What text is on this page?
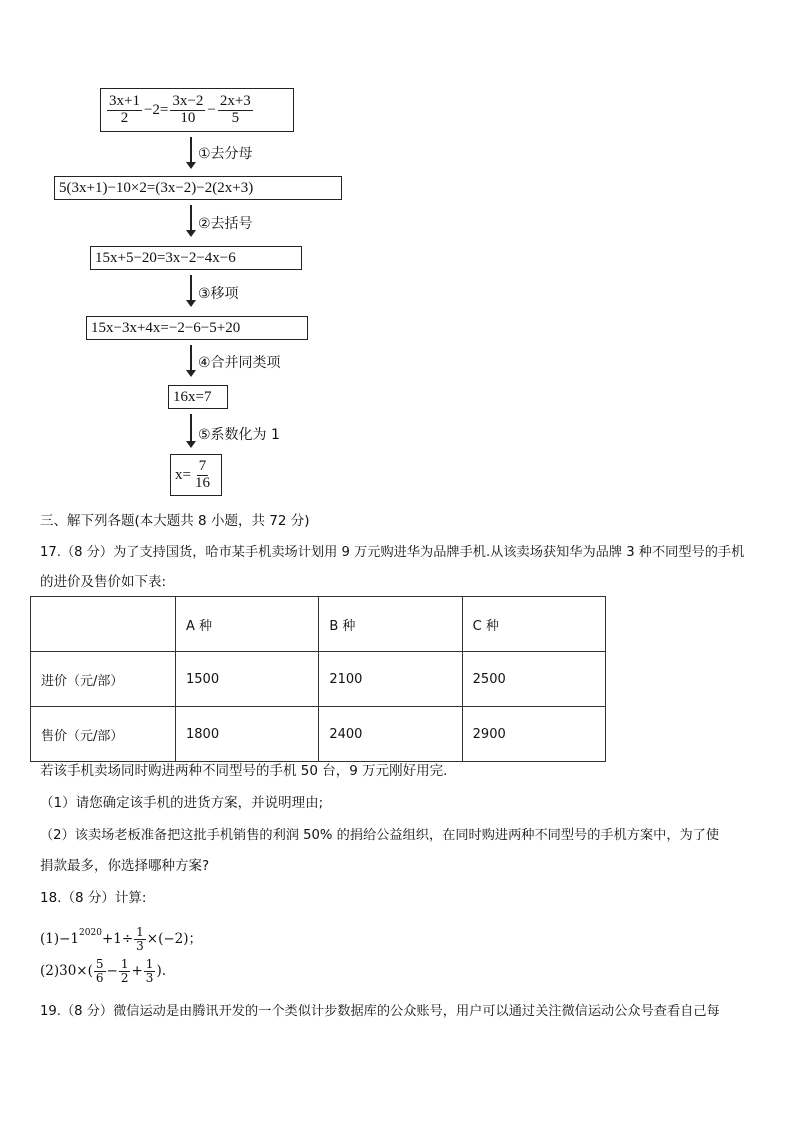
$\frac{3x+1}{2} -2= \frac{3x-2}{10} - \frac{2x+3}{5}$
①去分母
5(3x+1)−10×2=(3x−2)−2(2x+3)
②去括号
15x+5−20=3x−2−4x−6
③移项
15x−3x+4x=−2−6−5+20
④合并同类项
16x=7
⑤系数化为 1
$x= \frac{7}{16}$
三、解下列各题(本大题共 8 小题，共 72 分)
17.（8 分）为了支持国货，哈市某手机卖场计划用 9 万元购进华为品牌手机.从该卖场获知华为品牌 3 种不同型号的手机
的进价及售价如下表:
	A 种	B 种	C 种
进价（元/部）	1500	2100	2500
售价（元/部）	1800	2400	2900
若该手机卖场同时购进两种不同型号的手机 50 台，9 万元刚好用完.
（1）请您确定该手机的进货方案，并说明理由;
（2）该卖场老板准备把这批手机销售的利润 50% 的捐给公益组织，在同时购进两种不同型号的手机方案中，为了使
捐款最多，你选择哪种方案?
18.（8 分）计算:
$(1)-1^{2020}+1\div \frac{1}{3} \times(-2)$；
$(2)30\times( \frac{5}{6} - \frac{1}{2} + \frac{1}{3}$ ).
19.（8 分）微信运动是由腾讯开发的一个类似计步数据库的公众账号，用户可以通过关注微信运动公众号查看自己每
